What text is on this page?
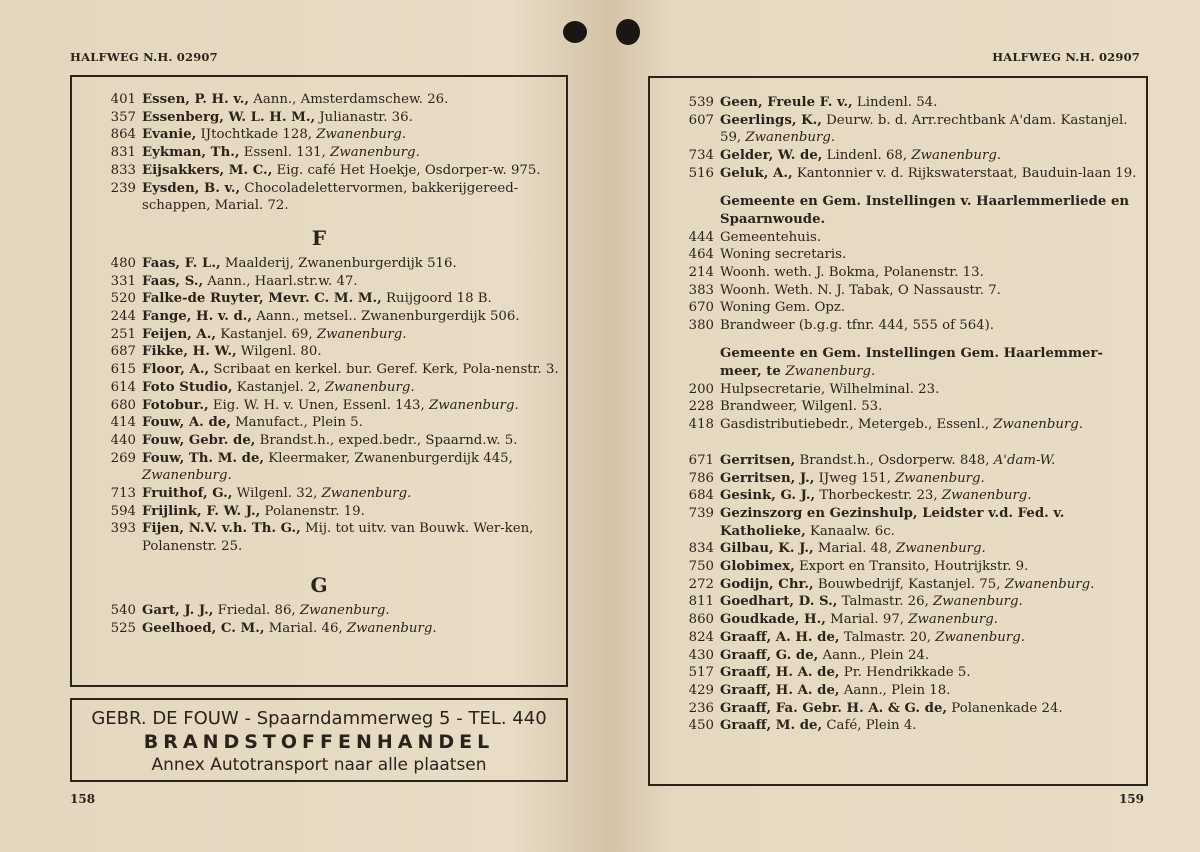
HALFWEG N.H. 02907
401 Essen, P. H. v., Aann., Amsterdamschew. 26.
357 Essenberg, W. L. H. M., Julianastr. 36.
864 Evanie, IJtochtkade 128, Zwanenburg.
831 Eykman, Th., Essenl. 131, Zwanenburg.
833 Eijsakkers, M. C., Eig. café Het Hoekje, Osdorper-w. 975.
239 Eysden, B. v., Chocoladelettervormen, bakkerijgereed-schappen, Marial. 72.
F
480 Faas, F. L., Maalderij, Zwanenburgerdijk 516.
331 Faas, S., Aann., Haarl.str.w. 47.
520 Falke-de Ruyter, Mevr. C. M. M., Ruijgoord 18 B.
244 Fange, H. v. d., Aann., metsel.. Zwanenburgerdijk 506.
251 Feijen, A., Kastanjel. 69, Zwanenburg.
687 Fikke, H. W., Wilgenl. 80.
615 Floor, A., Scribaat en kerkel. bur. Geref. Kerk, Pola-nenstr. 3.
614 Foto Studio, Kastanjel. 2, Zwanenburg.
680 Fotobur., Eig. W. H. v. Unen, Essenl. 143, Zwanenburg.
414 Fouw, A. de, Manufact., Plein 5.
440 Fouw, Gebr. de, Brandst.h., exped.bedr., Spaarnd.w. 5.
269 Fouw, Th. M. de, Kleermaker, Zwanenburgerdijk 445, Zwanenburg.
713 Fruithof, G., Wilgenl. 32, Zwanenburg.
594 Frijlink, F. W. J., Polanenstr. 19.
393 Fijen, N.V. v.h. Th. G., Mij. tot uitv. van Bouwk. Wer-ken, Polanenstr. 25.
G
540 Gart, J. J., Friedal. 86, Zwanenburg.
525 Geelhoed, C. M., Marial. 46, Zwanenburg.
GEBR. DE FOUW - Spaarndammerweg 5 - TEL. 440
BRANDSTOFFENHANDEL
Annex Autotransport naar alle plaatsen
158
HALFWEG N.H. 02907
539 Geen, Freule F. v., Lindenl. 54.
607 Geerlings, K., Deurw. b. d. Arr.rechtbank A'dam. Kastanjel. 59, Zwanenburg.
734 Gelder, W. de, Lindenl. 68, Zwanenburg.
516 Geluk, A., Kantonnier v. d. Rijkswaterstaat, Bauduin-laan 19.
Gemeente en Gem. Instellingen v. Haarlemmerliede en Spaarnwoude.
444 Gemeentehuis.
464 Woning secretaris.
214 Woonh. weth. J. Bokma, Polanenstr. 13.
383 Woonh. Weth. N. J. Tabak, O Nassaustr. 7.
670 Woning Gem. Opz.
380 Brandweer (b.g.g. tfnr. 444, 555 of 564).
Gemeente en Gem. Instellingen Gem. Haarlemmer-meer, te Zwanenburg.
200 Hulpsecretarie, Wilhelminal. 23.
228 Brandweer, Wilgenl. 53.
418 Gasdistributiebedr., Metergeb., Essenl., Zwanenburg.
671 Gerritsen, Brandst.h., Osdorperw. 848, A'dam-W.
786 Gerritsen, J., IJweg 151, Zwanenburg.
684 Gesink, G. J., Thorbeckestr. 23, Zwanenburg.
739 Gezinszorg en Gezinshulp, Leidster v.d. Fed. v. Katholieke, Kanaalw. 6c.
834 Gilbau, K. J., Marial. 48, Zwanenburg.
750 Globimex, Export en Transito, Houtrijkstr. 9.
272 Godijn, Chr., Bouwbedrijf, Kastanjel. 75, Zwanenburg.
811 Goedhart, D. S., Talmastr. 26, Zwanenburg.
860 Goudkade, H., Marial. 97, Zwanenburg.
824 Graaff, A. H. de, Talmastr. 20, Zwanenburg.
430 Graaff, G. de, Aann., Plein 24.
517 Graaff, H. A. de, Pr. Hendrikkade 5.
429 Graaff, H. A. de, Aann., Plein 18.
236 Graaff, Fa. Gebr. H. A. & G. de, Polanenkade 24.
450 Graaff, M. de, Café, Plein 4.
159
